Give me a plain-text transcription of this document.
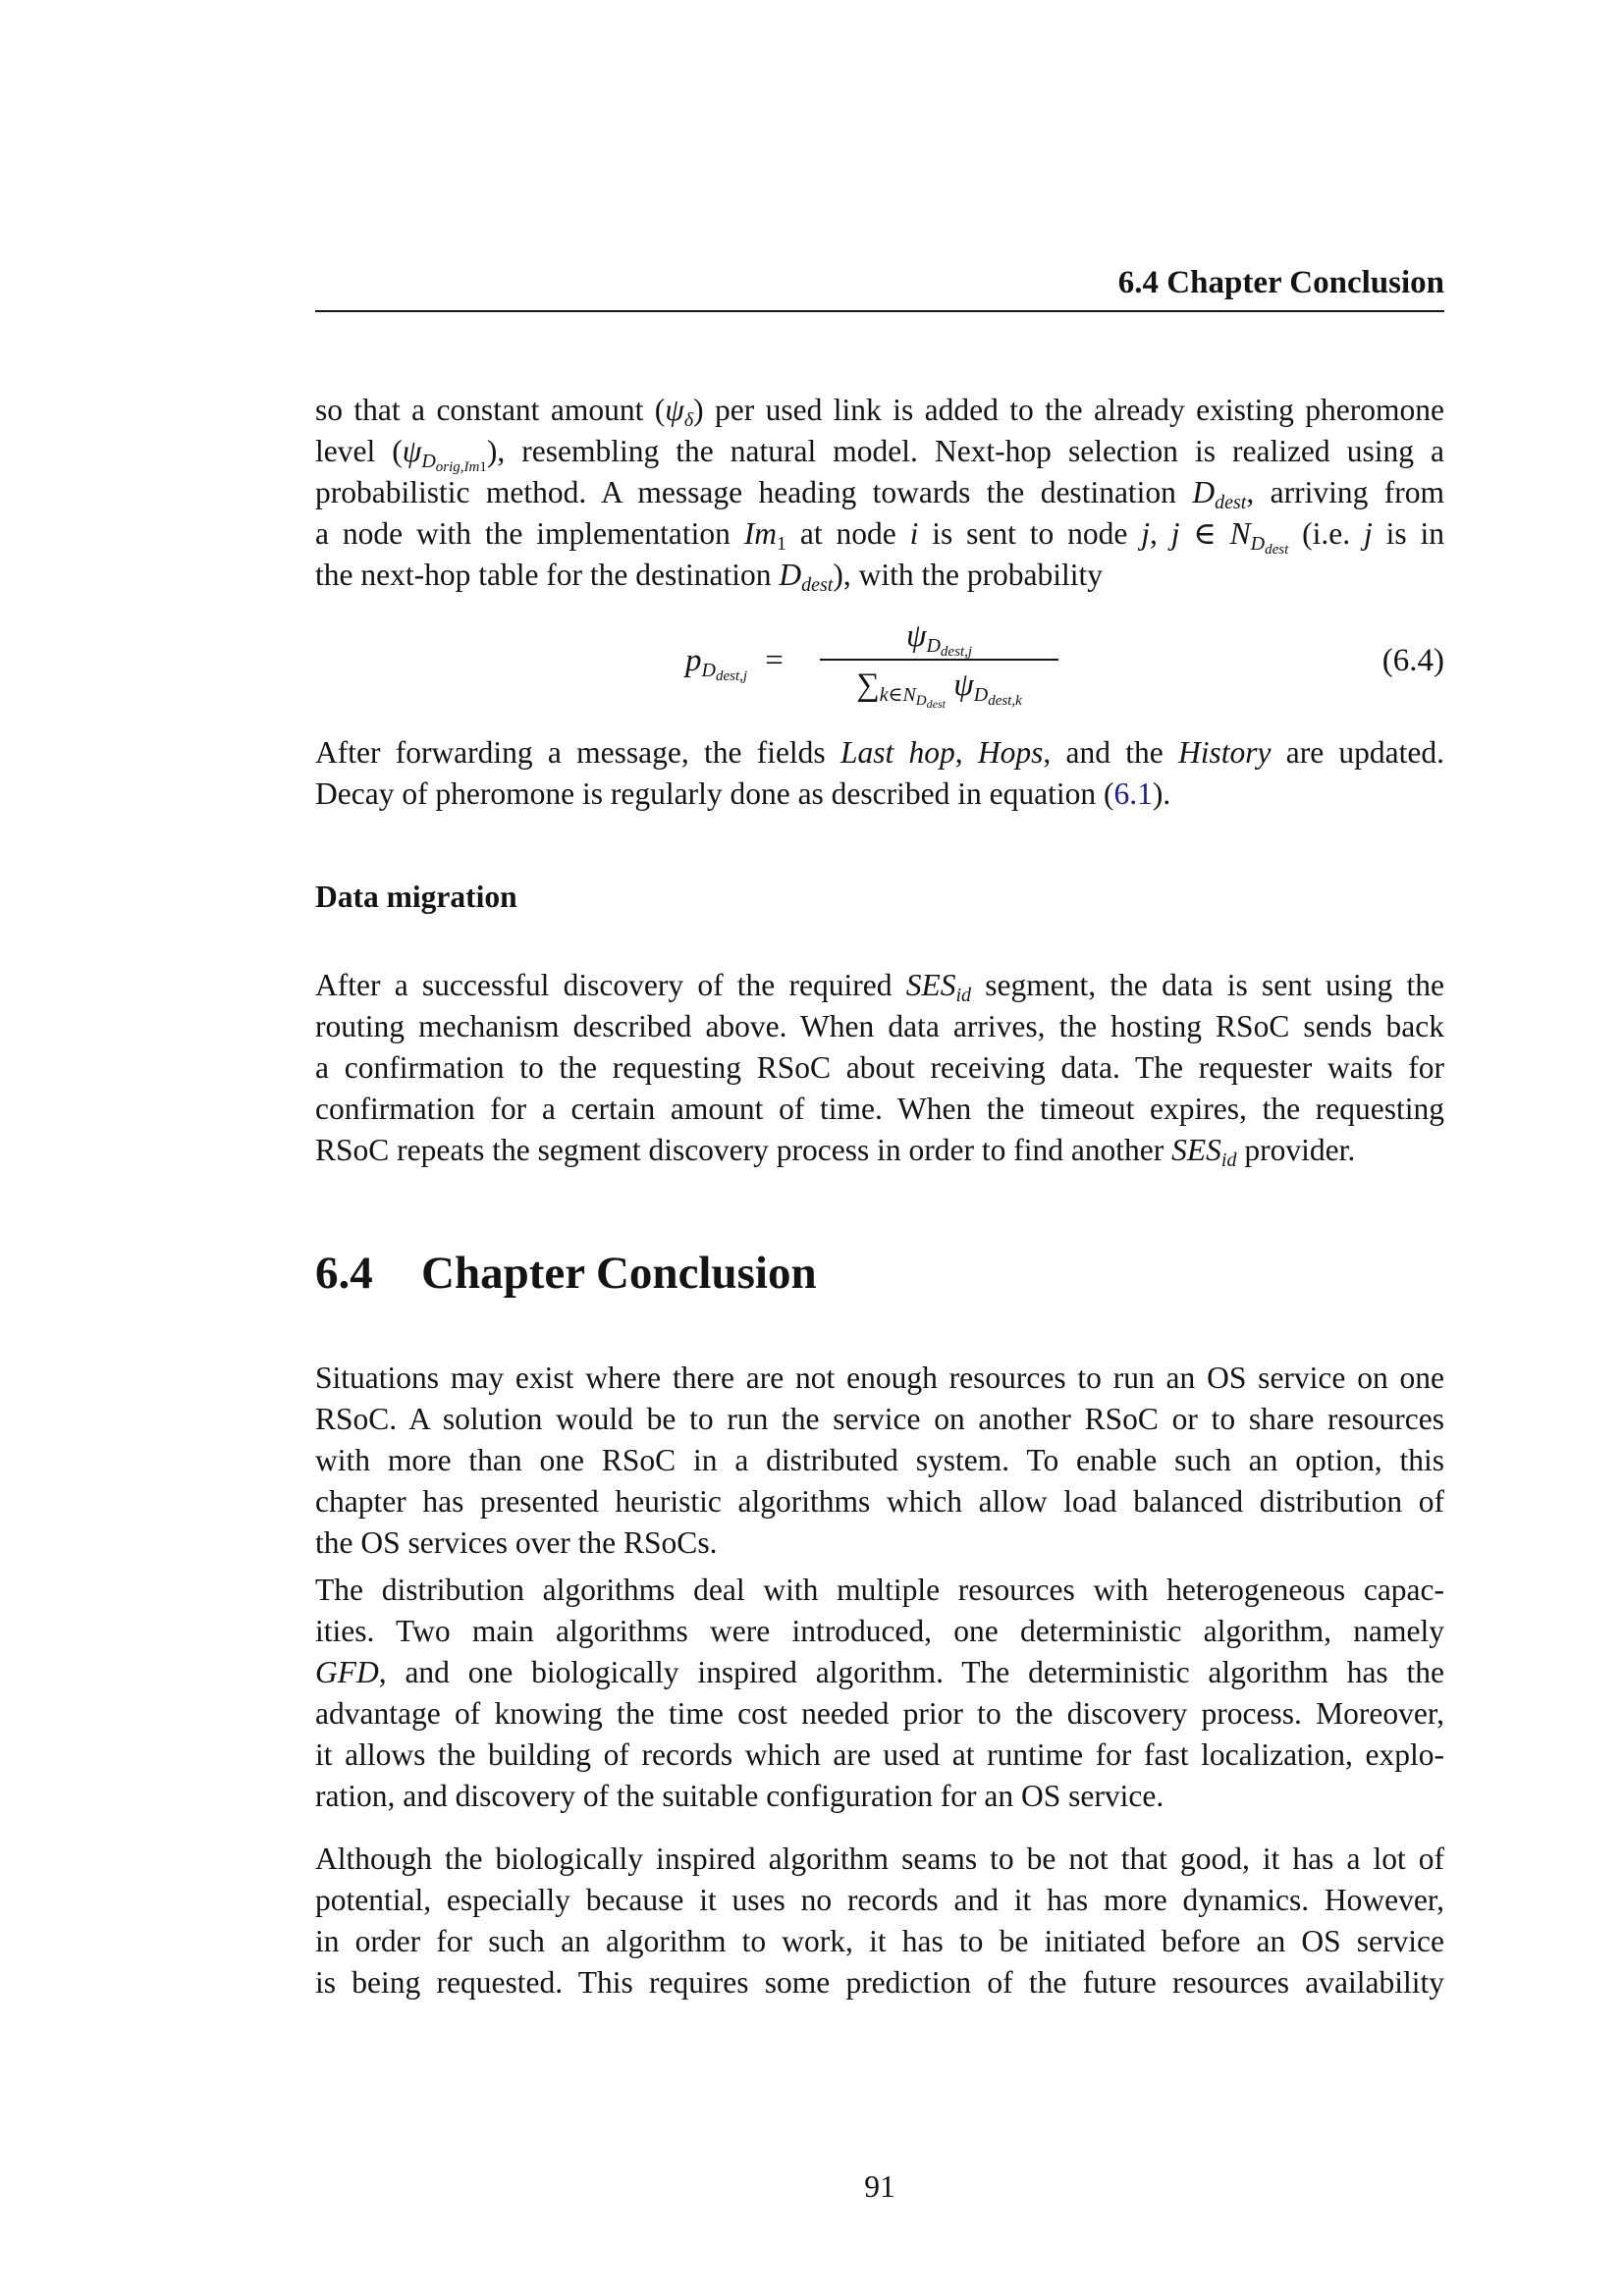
6.4 Chapter Conclusion

so that a constant amount $(\psi_\delta)$ per used link is added to the already existing pheromone
level $(\psi_{D_{orig,Im1}})$, resembling the natural model. Next-hop selection is realized using a
probabilistic method. A message heading towards the destination $D_{dest}$, arriving from
a node with the implementation $Im_1$ at node i is sent to node j, j ∈ $N_{D_{dest}}$ (i.e. j is in
the next-hop table for the destination $D_{dest}$), with the probability

$p_{D_{dest,j}}$ =
$\psi_{D_{dest,j}}$
$\sum_{k\in N_{D_{dest}}}$ $\psi_{D_{dest,k}}$
(6.4)

After forwarding a message, the fields Last hop, Hops, and the History are updated.
Decay of pheromone is regularly done as described in equation (6.1).

Data migration

After a successful discovery of the required $SES_{id}$ segment, the data is sent using the
routing mechanism described above. When data arrives, the hosting RSoC sends back
a confirmation to the requesting RSoC about receiving data. The requester waits for
confirmation for a certain amount of time. When the timeout expires, the requesting
RSoC repeats the segment discovery process in order to find another $SES_{id}$ provider.

6.4 Chapter Conclusion

Situations may exist where there are not enough resources to run an OS service on one
RSoC. A solution would be to run the service on another RSoC or to share resources
with more than one RSoC in a distributed system. To enable such an option, this
chapter has presented heuristic algorithms which allow load balanced distribution of
the OS services over the RSoCs.

The distribution algorithms deal with multiple resources with heterogeneous capac-
ities. Two main algorithms were introduced, one deterministic algorithm, namely
GFD, and one biologically inspired algorithm. The deterministic algorithm has the
advantage of knowing the time cost needed prior to the discovery process. Moreover,
it allows the building of records which are used at runtime for fast localization, explo-
ration, and discovery of the suitable configuration for an OS service.

Although the biologically inspired algorithm seams to be not that good, it has a lot of
potential, especially because it uses no records and it has more dynamics. However,
in order for such an algorithm to work, it has to be initiated before an OS service
is being requested. This requires some prediction of the future resources availability

91
